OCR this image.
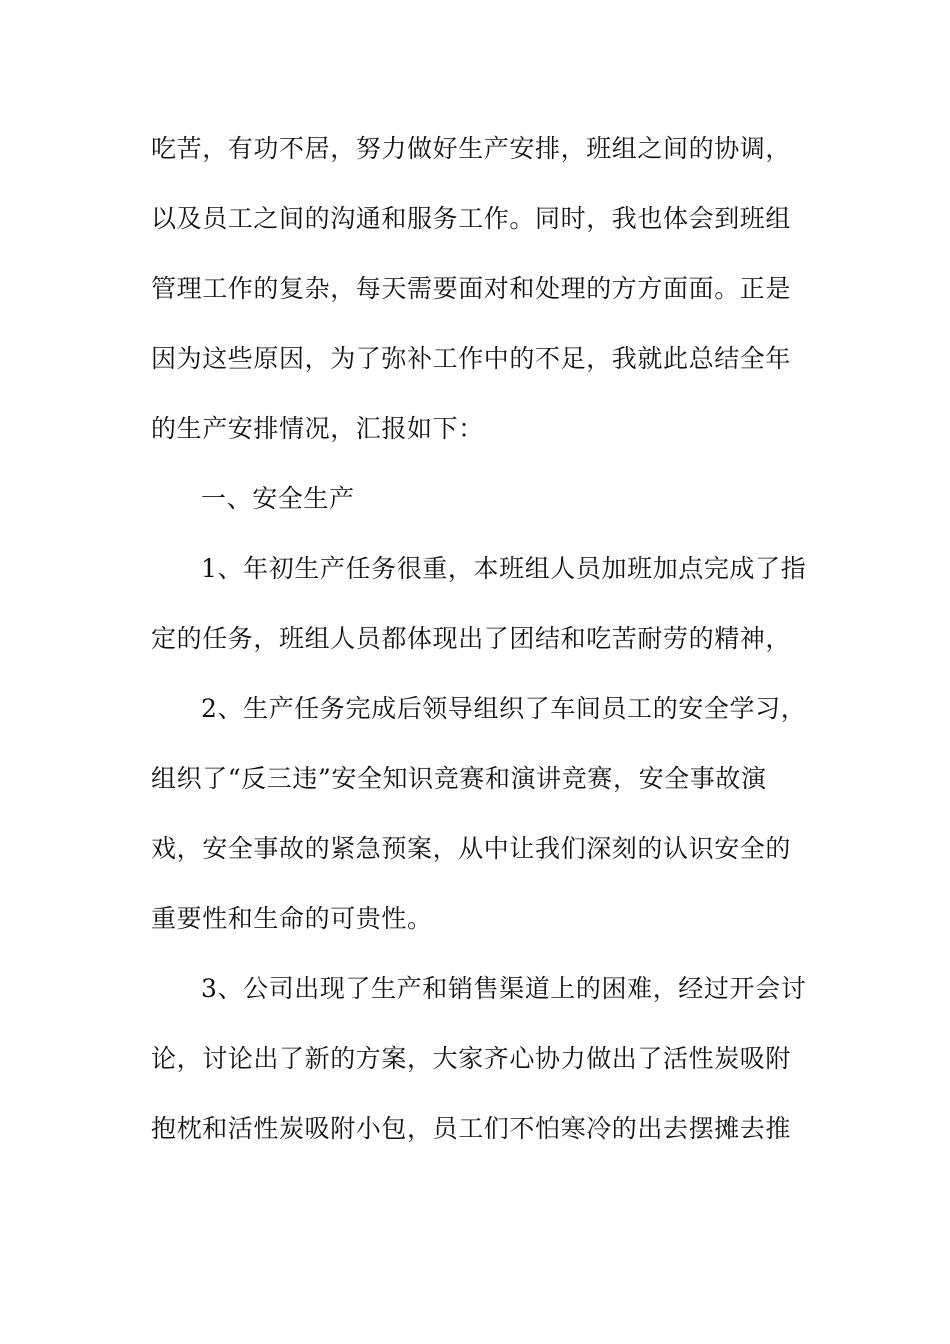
吃苦，有功不居，努力做好生产安排，班组之间的协调，
以及员工之间的沟通和服务工作。同时，我也体会到班组
管理工作的复杂，每天需要面对和处理的方方面面。正是
因为这些原因，为了弥补工作中的不足，我就此总结全年
的生产安排情况，汇报如下：
一、安全生产
1、年初生产任务很重，本班组人员加班加点完成了指
定的任务，班组人员都体现出了团结和吃苦耐劳的精神，
2、生产任务完成后领导组织了车间员工的安全学习，
组织了“反三违”安全知识竞赛和演讲竞赛，安全事故演
戏，安全事故的紧急预案，从中让我们深刻的认识安全的
重要性和生命的可贵性。
3、公司出现了生产和销售渠道上的困难，经过开会讨
论，讨论出了新的方案，大家齐心协力做出了活性炭吸附
抱枕和活性炭吸附小包，员工们不怕寒冷的出去摆摊去推
